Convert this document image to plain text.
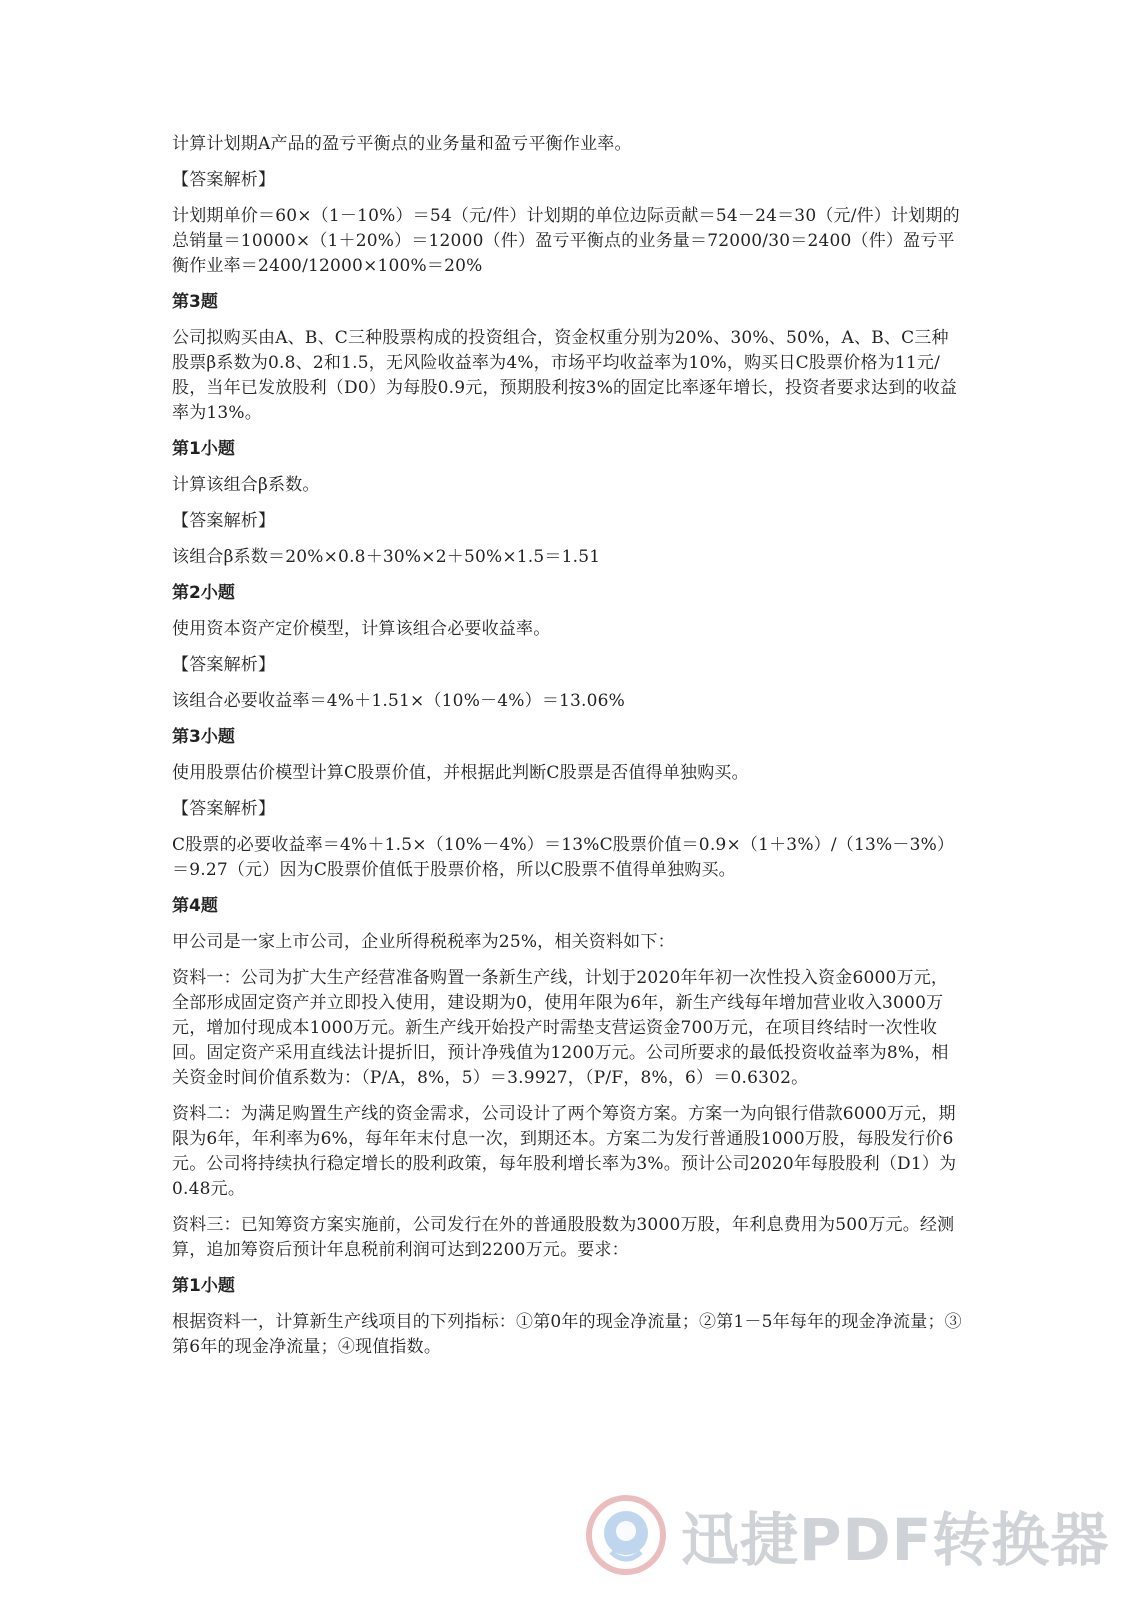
计算计划期A产品的盈亏平衡点的业务量和盈亏平衡作业率。

【答案解析】

计划期单价＝60×（1－10%）＝54（元/件）计划期的单位边际贡献＝54－24＝30（元/件）计划期的总销量＝10000×（1＋20%）＝12000（件）盈亏平衡点的业务量＝72000/30＝2400（件）盈亏平衡作业率＝2400/12000×100%＝20%

第3题

公司拟购买由A、B、C三种股票构成的投资组合，资金权重分别为20%、30%、50%，A、B、C三种股票β系数为0.8、2和1.5，无风险收益率为4%，市场平均收益率为10%，购买日C股票价格为11元/股，当年已发放股利（D0）为每股0.9元，预期股利按3%的固定比率逐年增长，投资者要求达到的收益率为13%。

第1小题

计算该组合β系数。

【答案解析】

该组合β系数＝20%×0.8＋30%×2＋50%×1.5＝1.51

第2小题

使用资本资产定价模型，计算该组合必要收益率。

【答案解析】

该组合必要收益率＝4%＋1.51×（10%－4%）＝13.06%

第3小题

使用股票估价模型计算C股票价值，并根据此判断C股票是否值得单独购买。

【答案解析】

C股票的必要收益率＝4%＋1.5×（10%－4%）＝13%C股票价值＝0.9×（1＋3%）/（13%－3%）＝9.27（元）因为C股票价值低于股票价格，所以C股票不值得单独购买。

第4题

甲公司是一家上市公司，企业所得税税率为25%，相关资料如下：

资料一：公司为扩大生产经营准备购置一条新生产线，计划于2020年年初一次性投入资金6000万元，全部形成固定资产并立即投入使用，建设期为0，使用年限为6年，新生产线每年增加营业收入3000万元，增加付现成本1000万元。新生产线开始投产时需垫支营运资金700万元，在项目终结时一次性收回。固定资产采用直线法计提折旧，预计净残值为1200万元。公司所要求的最低投资收益率为8%，相关资金时间价值系数为：（P/A，8%，5）＝3.9927，（P/F，8%，6）＝0.6302。

资料二：为满足购置生产线的资金需求，公司设计了两个筹资方案。方案一为向银行借款6000万元，期限为6年，年利率为6%，每年年末付息一次，到期还本。方案二为发行普通股1000万股，每股发行价6元。公司将持续执行稳定增长的股利政策，每年股利增长率为3%。预计公司2020年每股股利（D1）为0.48元。

资料三：已知筹资方案实施前，公司发行在外的普通股股数为3000万股，年利息费用为500万元。经测算，追加筹资后预计年息税前利润可达到2200万元。要求：

第1小题

根据资料一，计算新生产线项目的下列指标：①第0年的现金净流量；②第1－5年每年的现金净流量；③第6年的现金净流量；④现值指数。

迅捷PDF转换器
